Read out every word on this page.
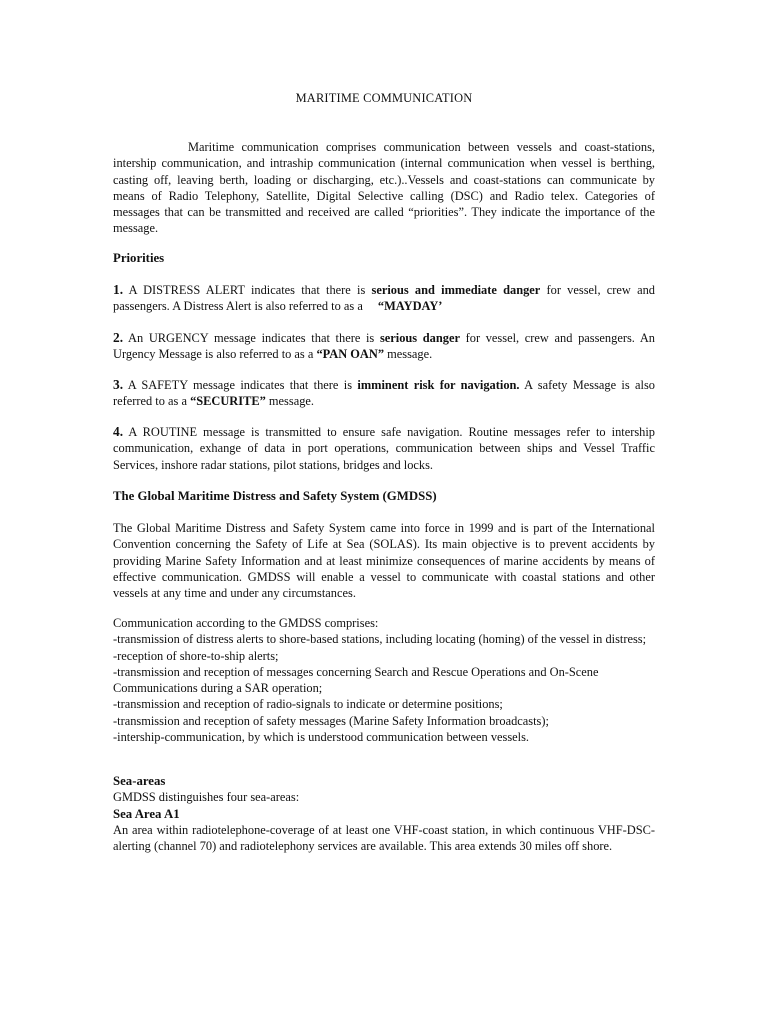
MARITIME COMMUNICATION

Maritime communication comprises communication between vessels and coast-stations, intership communication, and intraship communication (internal communication when vessel is berthing, casting off, leaving berth, loading or discharging, etc.)..Vessels and coast-stations can communicate by means of Radio Telephony, Satellite, Digital Selective calling (DSC) and Radio telex. Categories of messages that can be transmitted and received are called “priorities”. They indicate the importance of the message.

Priorities

1. A DISTRESS ALERT indicates that there is serious and immediate danger for vessel, crew and passengers. A Distress Alert is also referred to as a “MAYDAY’

2. An URGENCY message indicates that there is serious danger for vessel, crew and passengers. An Urgency Message is also referred to as a “PAN OAN” message.

3. A SAFETY message indicates that there is imminent risk for navigation. A safety Message is also referred to as a “SECURITE” message.

4. A ROUTINE message is transmitted to ensure safe navigation. Routine messages refer to intership communication, exhange of data in port operations, communication between ships and Vessel Traffic Services, inshore radar stations, pilot stations, bridges and locks.

The Global Maritime Distress and Safety System (GMDSS)

The Global Maritime Distress and Safety System came into force in 1999 and is part of the International Convention concerning the Safety of Life at Sea (SOLAS). Its main objective is to prevent accidents by providing Marine Safety Information and at least minimize consequences of marine accidents by means of effective communication. GMDSS will enable a vessel to communicate with coastal stations and other vessels at any time and under any circumstances.

Communication according to the GMDSS comprises:
-transmission of distress alerts to shore-based stations, including locating (homing) of the vessel in distress;
-reception of shore-to-ship alerts;
-transmission and reception of messages concerning Search and Rescue Operations and On-Scene Communications during a SAR operation;
-transmission and reception of radio-signals to indicate or determine positions;
-transmission and reception of safety messages (Marine Safety Information broadcasts);
-intership-communication, by which is understood communication between vessels.

Sea-areas

GMDSS distinguishes four sea-areas:

Sea Area A1

An area within radiotelephone-coverage of at least one VHF-coast station, in which continuous VHF-DSC-alerting (channel 70) and radiotelephony services are available. This area extends 30 miles off shore.
